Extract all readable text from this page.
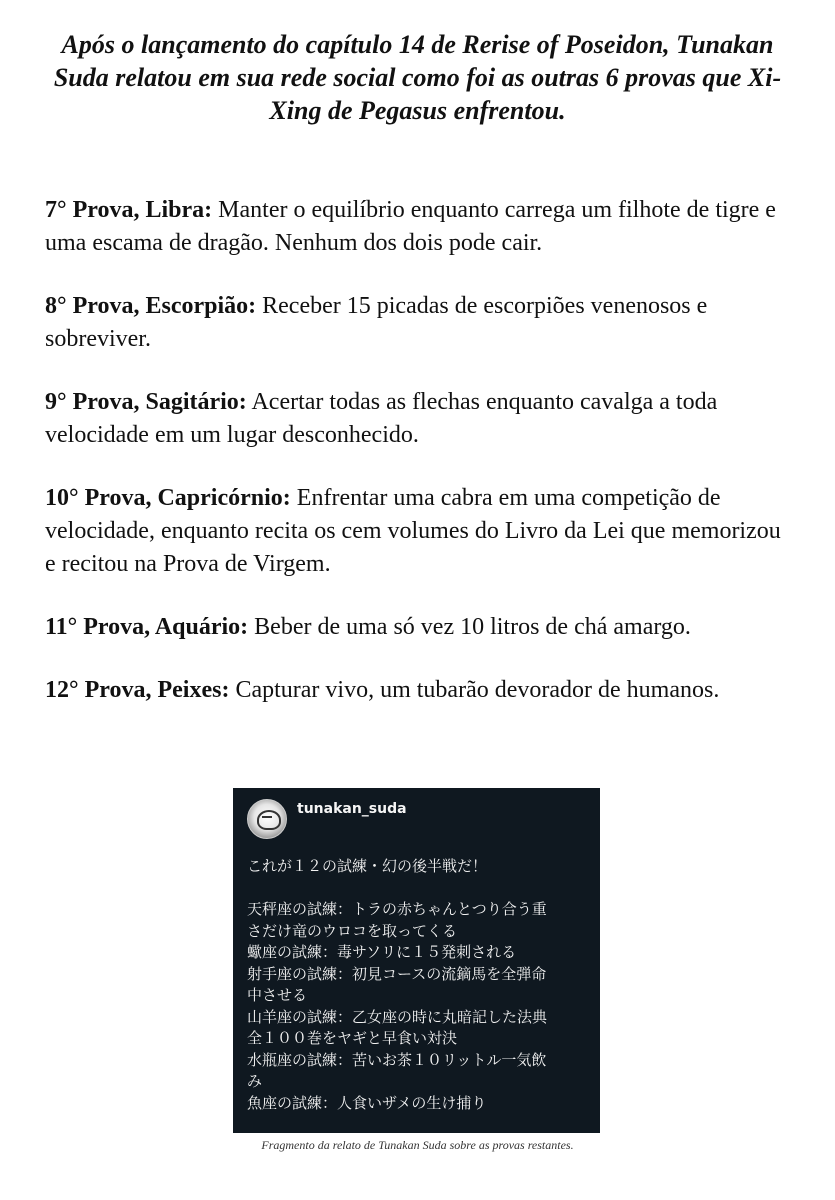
Após o lançamento do capítulo 14 de Rerise of Poseidon, Tunakan Suda relatou em sua rede social como foi as outras 6 provas que Xi-Xing de Pegasus enfrentou.
7° Prova, Libra: Manter o equilíbrio enquanto carrega um filhote de tigre e uma escama de dragão. Nenhum dos dois pode cair.
8° Prova, Escorpião: Receber 15 picadas de escorpiões venenosos e sobreviver.
9° Prova, Sagitário: Acertar todas as flechas enquanto cavalga a toda velocidade em um lugar desconhecido.
10° Prova, Capricórnio: Enfrentar uma cabra em uma competição de velocidade, enquanto recita os cem volumes do Livro da Lei que memorizou e recitou na Prova de Virgem.
11° Prova, Aquário: Beber de uma só vez 10 litros de chá amargo.
12° Prova, Peixes: Capturar vivo, um tubarão devorador de humanos.
tunakan_suda
これが１２の試練・幻の後半戦だ！

天秤座の試練：トラの赤ちゃんとつり合う重
さだけ竜のウロコを取ってくる
蠍座の試練：毒サソリに１５発刺される
射手座の試練：初見コースの流鏑馬を全弾命
中させる
山羊座の試練：乙女座の時に丸暗記した法典
全１００巻をヤギと早食い対決
水瓶座の試練：苦いお茶１０リットル一気飲
み
魚座の試練：人食いザメの生け捕り
Fragmento da relato de Tunakan Suda sobre as provas restantes.
